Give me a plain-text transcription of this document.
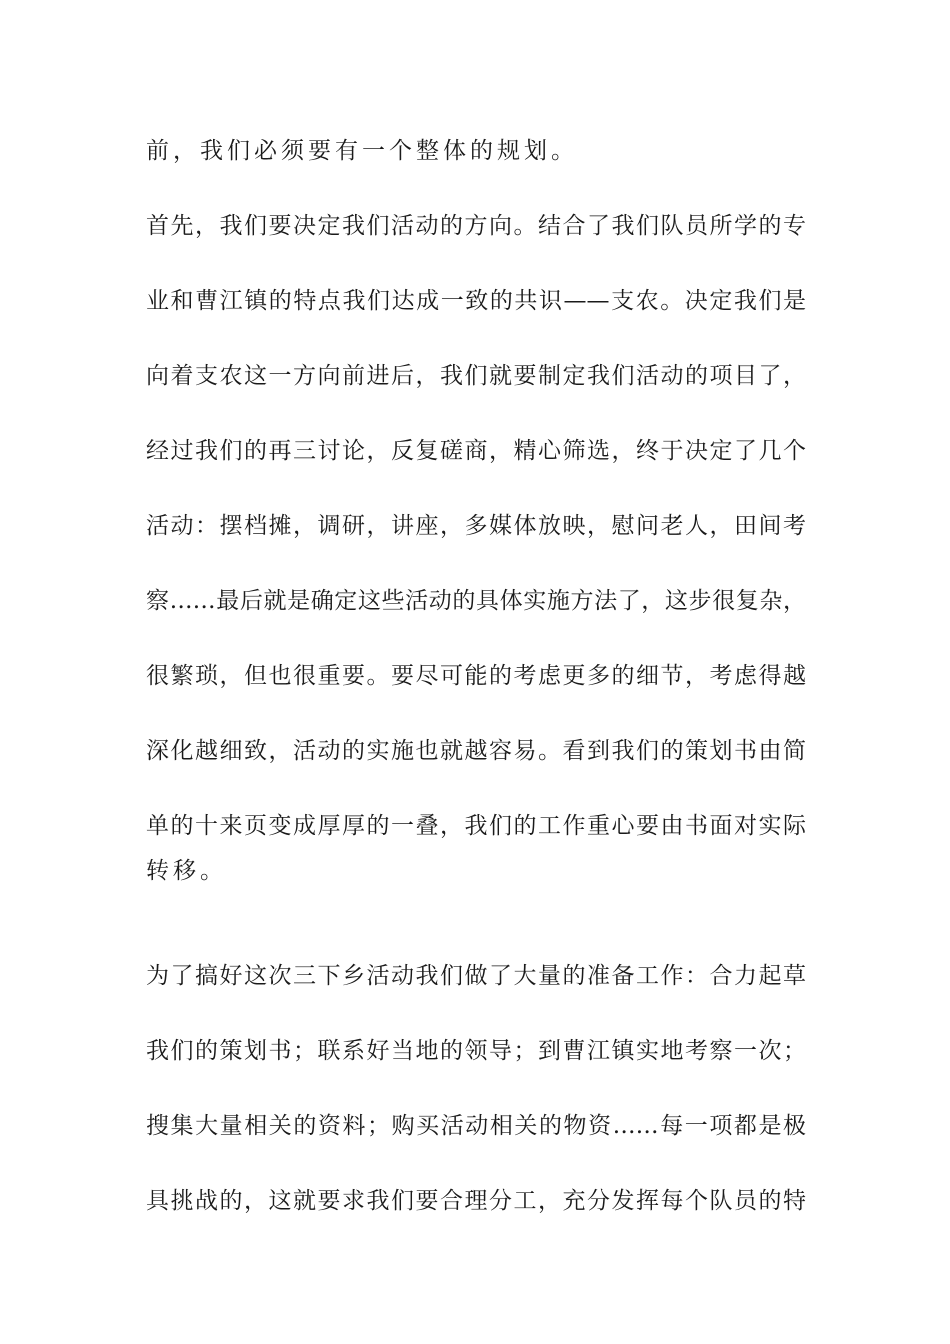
前，我们必须要有一个整体的规划。
首先，我们要决定我们活动的方向。结合了我们队员所学的专
业和曹江镇的特点我们达成一致的共识——支农。决定我们是
向着支农这一方向前进后，我们就要制定我们活动的项目了，
经过我们的再三讨论，反复磋商，精心筛选，终于决定了几个
活动：摆档摊，调研，讲座，多媒体放映，慰问老人，田间考
察……最后就是确定这些活动的具体实施方法了，这步很复杂，
很繁琐，但也很重要。要尽可能的考虑更多的细节，考虑得越
深化越细致，活动的实施也就越容易。看到我们的策划书由简
单的十来页变成厚厚的一叠，我们的工作重心要由书面对实际
转移。
为了搞好这次三下乡活动我们做了大量的准备工作：合力起草
我们的策划书；联系好当地的领导；到曹江镇实地考察一次；
搜集大量相关的资料；购买活动相关的物资……每一项都是极
具挑战的，这就要求我们要合理分工，充分发挥每个队员的特
